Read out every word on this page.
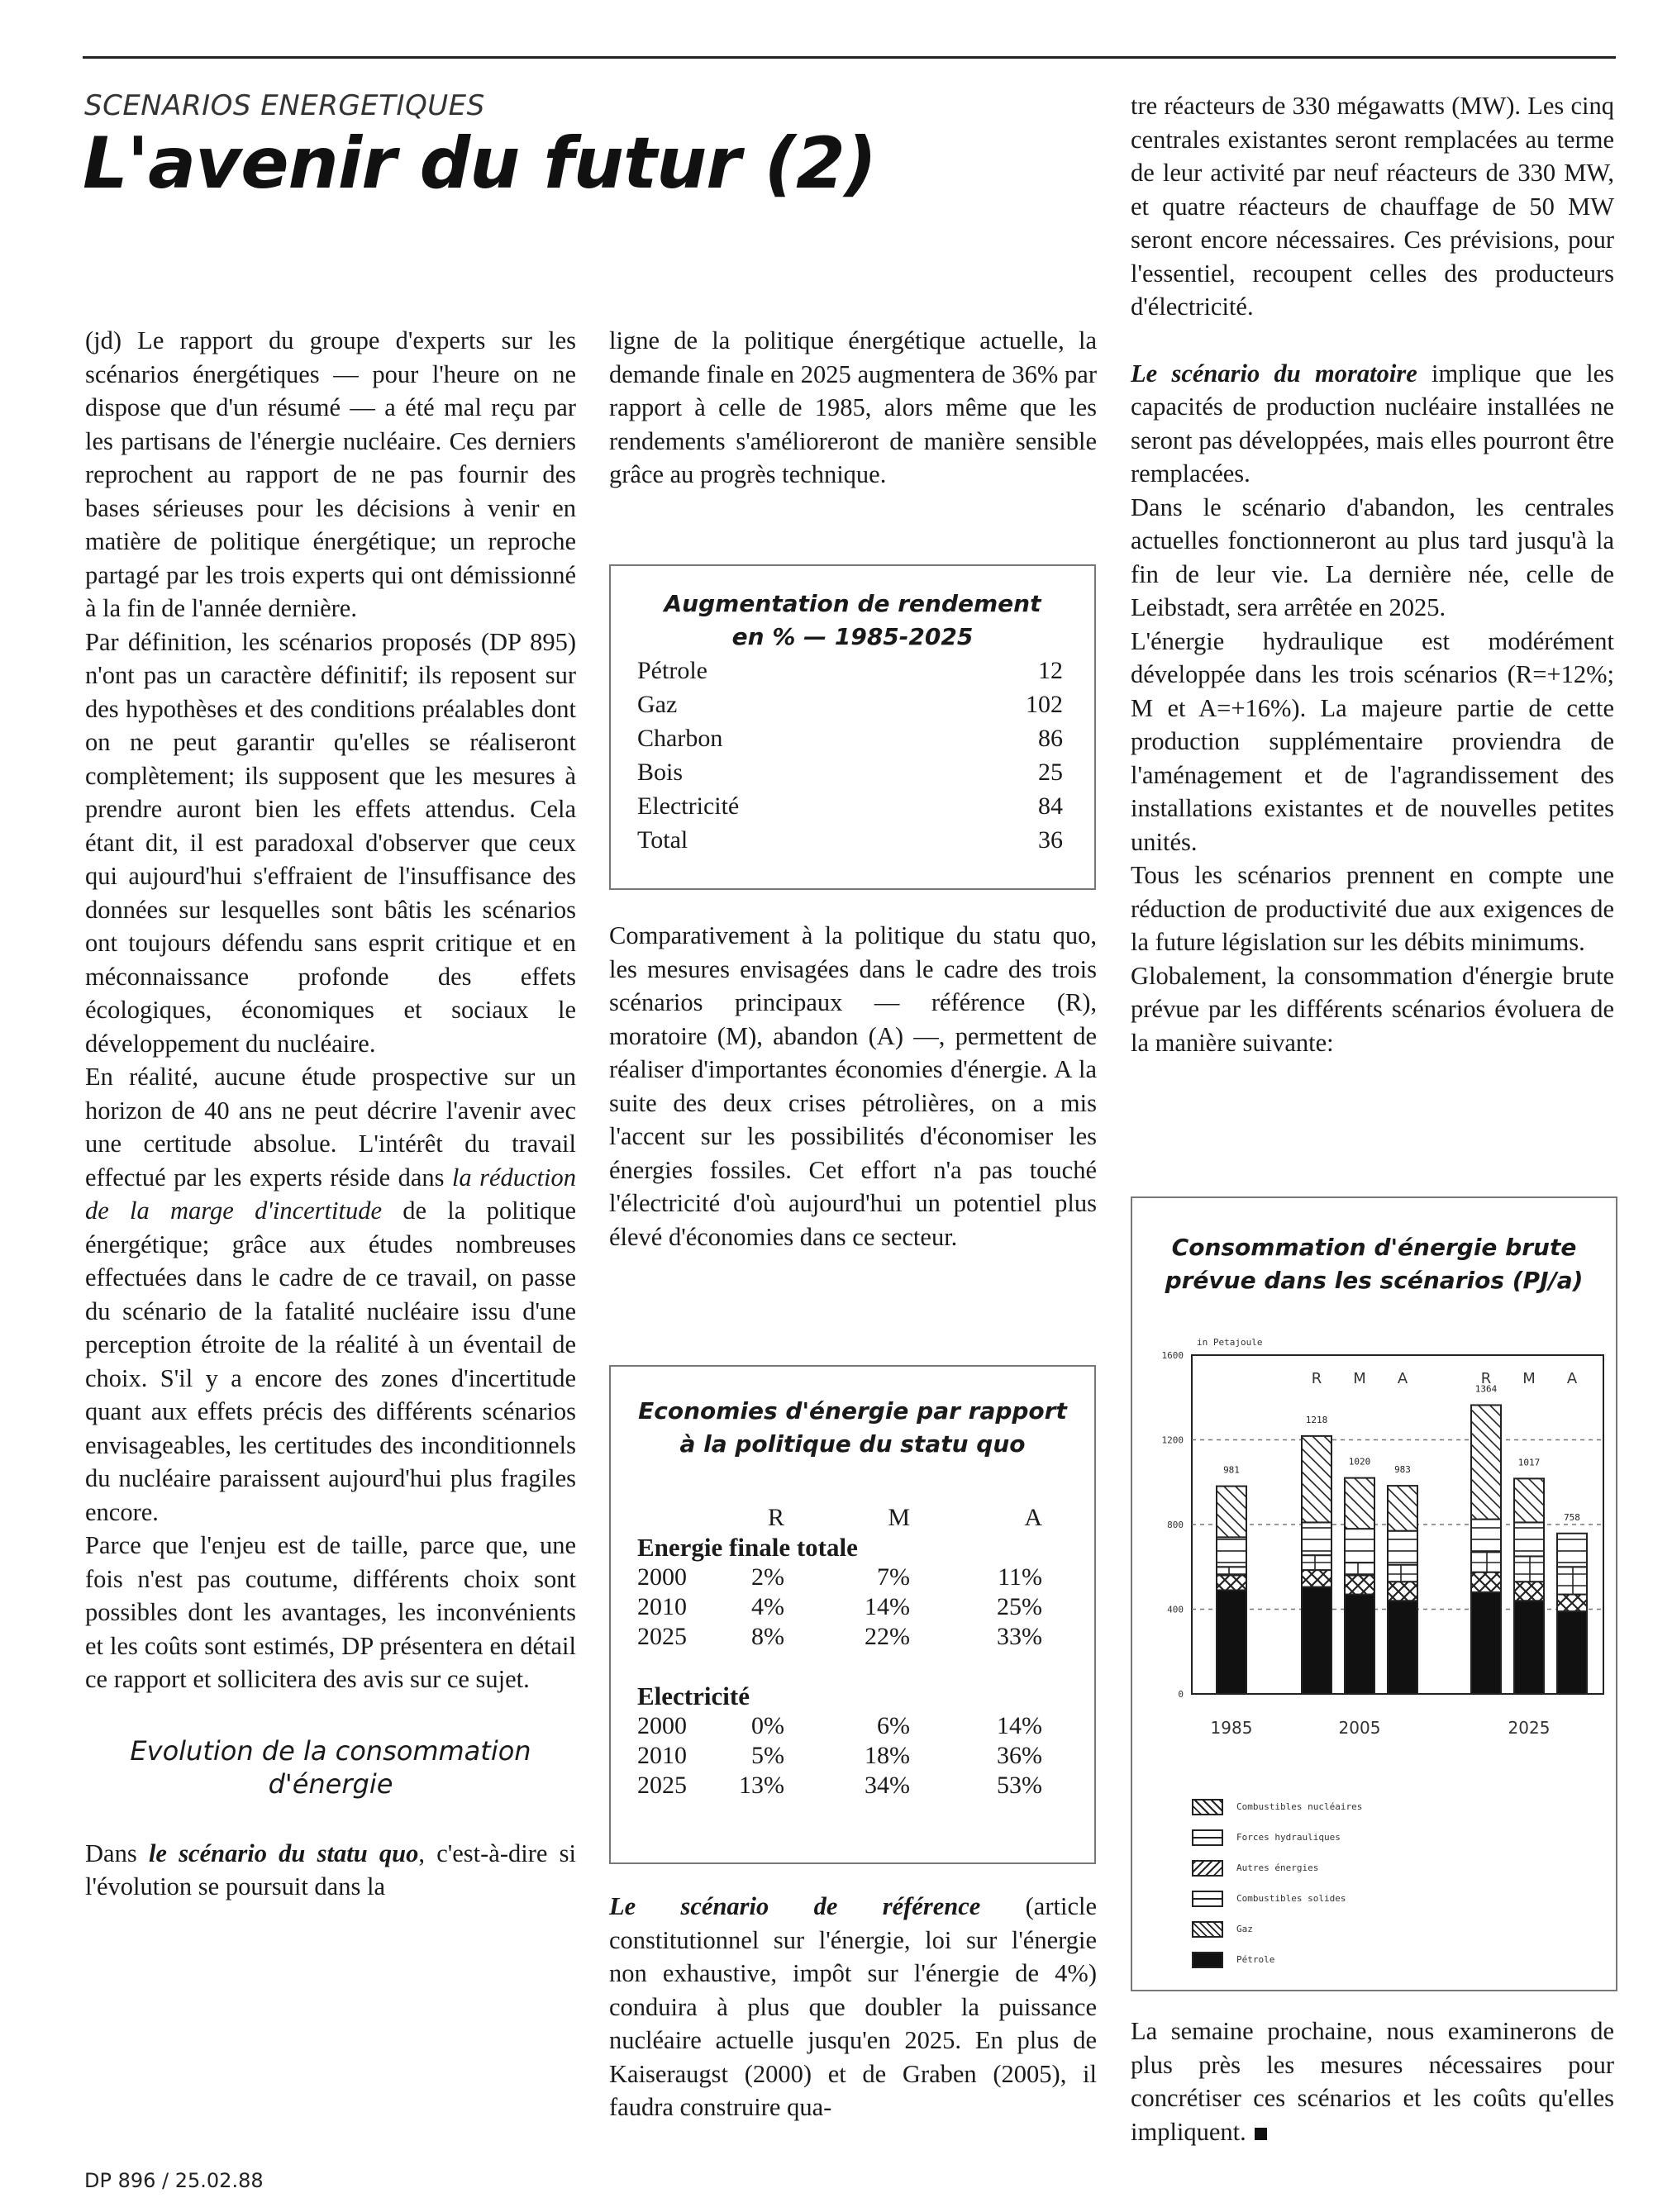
SCENARIOS ENERGETIQUES
L'avenir du futur (2)

(jd) Le rapport du groupe d'experts sur les scénarios énergétiques — pour l'heure on ne dispose que d'un résumé — a été mal reçu par les partisans de l'énergie nucléaire. Ces derniers reprochent au rapport de ne pas fournir des bases sérieuses pour les décisions à venir en matière de politique énergétique; un reproche partagé par les trois experts qui ont démissionné à la fin de l'année dernière.

Par définition, les scénarios proposés (DP 895) n'ont pas un caractère définitif; ils reposent sur des hypothèses et des conditions préalables dont on ne peut garantir qu'elles se réaliseront complètement; ils supposent que les mesures à prendre auront bien les effets attendus. Cela étant dit, il est paradoxal d'observer que ceux qui aujourd'hui s'effraient de l'insuffisance des données sur lesquelles sont bâtis les scénarios ont toujours défendu sans esprit critique et en méconnaissance profonde des effets écologiques, économiques et sociaux le développement du nucléaire.

En réalité, aucune étude prospective sur un horizon de 40 ans ne peut décrire l'avenir avec une certitude absolue. L'intérêt du travail effectué par les experts réside dans la réduction de la marge d'incertitude de la politique énergétique; grâce aux études nombreuses effectuées dans le cadre de ce travail, on passe du scénario de la fatalité nucléaire issu d'une perception étroite de la réalité à un éventail de choix. S'il y a encore des zones d'incertitude quant aux effets précis des différents scénarios envisageables, les certitudes des inconditionnels du nucléaire paraissent aujourd'hui plus fragiles encore.

Parce que l'enjeu est de taille, parce que, une fois n'est pas coutume, différents choix sont possibles dont les avantages, les inconvénients et les coûts sont estimés, DP présentera en détail ce rapport et sollicitera des avis sur ce sujet.

Evolution de la consommation d'énergie

Dans le scénario du statu quo, c'est-à-dire si l'évolution se poursuit dans la

ligne de la politique énergétique actuelle, la demande finale en 2025 augmentera de 36% par rapport à celle de 1985, alors même que les rendements s'amélioreront de manière sensible grâce au progrès technique.

Augmentation de rendement
en % — 1985-2025
Pétrole	12
Gaz	102
Charbon	86
Bois	25
Electricité	84
Total	36

Comparativement à la politique du statu quo, les mesures envisagées dans le cadre des trois scénarios principaux — référence (R), moratoire (M), abandon (A) —, permettent de réaliser d'importantes économies d'énergie. A la suite des deux crises pétrolières, on a mis l'accent sur les possibilités d'économiser les énergies fossiles. Cet effort n'a pas touché l'électricité d'où aujourd'hui un potentiel plus élevé d'économies dans ce secteur.

Economies d'énergie par rapport
à la politique du statu quo
R	M	A
Energie finale totale
2000	2%	7%	11%
2010	4%	14%	25%
2025	8%	22%	33%
Electricité
2000	0%	6%	14%
2010	5%	18%	36%
2025	13%	34%	53%

Le scénario de référence (article constitutionnel sur l'énergie, loi sur l'énergie non exhaustive, impôt sur l'énergie de 4%) conduira à plus que doubler la puissance nucléaire actuelle jusqu'en 2025. En plus de Kaiseraugst (2000) et de Graben (2005), il faudra construire qua-

tre réacteurs de 330 mégawatts (MW). Les cinq centrales existantes seront remplacées au terme de leur activité par neuf réacteurs de 330 MW, et quatre réacteurs de chauffage de 50 MW seront encore nécessaires. Ces prévisions, pour l'essentiel, recoupent celles des producteurs d'électricité.

Le scénario du moratoire implique que les capacités de production nucléaire installées ne seront pas développées, mais elles pourront être remplacées.

Dans le scénario d'abandon, les centrales actuelles fonctionneront au plus tard jusqu'à la fin de leur vie. La dernière née, celle de Leibstadt, sera arrêtée en 2025.

L'énergie hydraulique est modérément développée dans les trois scénarios (R=+12%; M et A=+16%). La majeure partie de cette production supplémentaire proviendra de l'aménagement et de l'agrandissement des installations existantes et de nouvelles petites unités.

Tous les scénarios prennent en compte une réduction de productivité due aux exigences de la future législation sur les débits minimums.

Globalement, la consommation d'énergie brute prévue par les différents scénarios évoluera de la manière suivante:

Consommation d'énergie brute
prévue dans les scénarios (PJ/a)
0
400
800
1200
1600
in Petajoule
981
1218
1020
983
1364
1017
758
R M A	R M A
1985	2005	2025
Combustibles nucléaires
Forces hydrauliques
Autres énergies
Combustibles solides
Gaz
Pétrole

La semaine prochaine, nous examinerons de plus près les mesures nécessaires pour concrétiser ces scénarios et les coûts qu'elles impliquent.

DP 896 / 25.02.88
